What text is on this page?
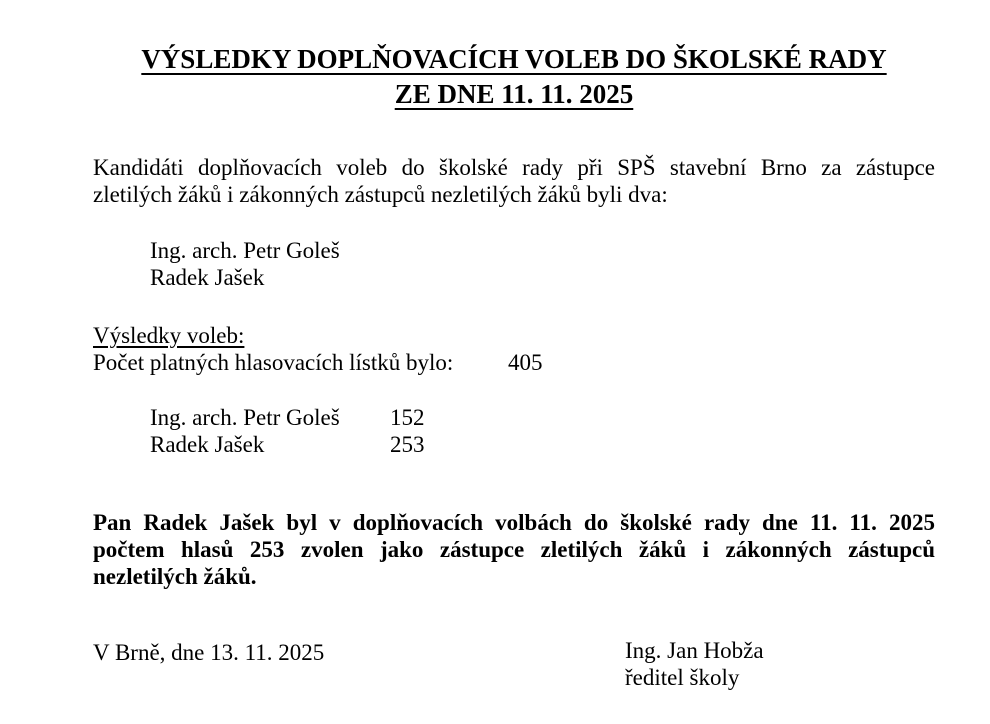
VÝSLEDKY DOPLŇOVACÍCH VOLEB DO ŠKOLSKÉ RADY
ZE DNE 11. 11. 2025
Kandidáti doplňovacích voleb do školské rady při SPŠ stavební Brno za zástupce
zletilých žáků i zákonných zástupců nezletilých žáků byli dva:
Ing. arch. Petr Goleš
Radek Jašek
Výsledky voleb:
Počet platných hlasovacích lístků bylo: 405
Ing. arch. Petr Goleš 152
Radek Jašek	253
Pan Radek Jašek byl v doplňovacích volbách do školské rady dne 11. 11. 2025
počtem hlasů 253 zvolen jako zástupce zletilých žáků i zákonných zástupců
nezletilých žáků.
V Brně, dne 13. 11. 2025	Ing. Jan Hobža
ředitel školy
